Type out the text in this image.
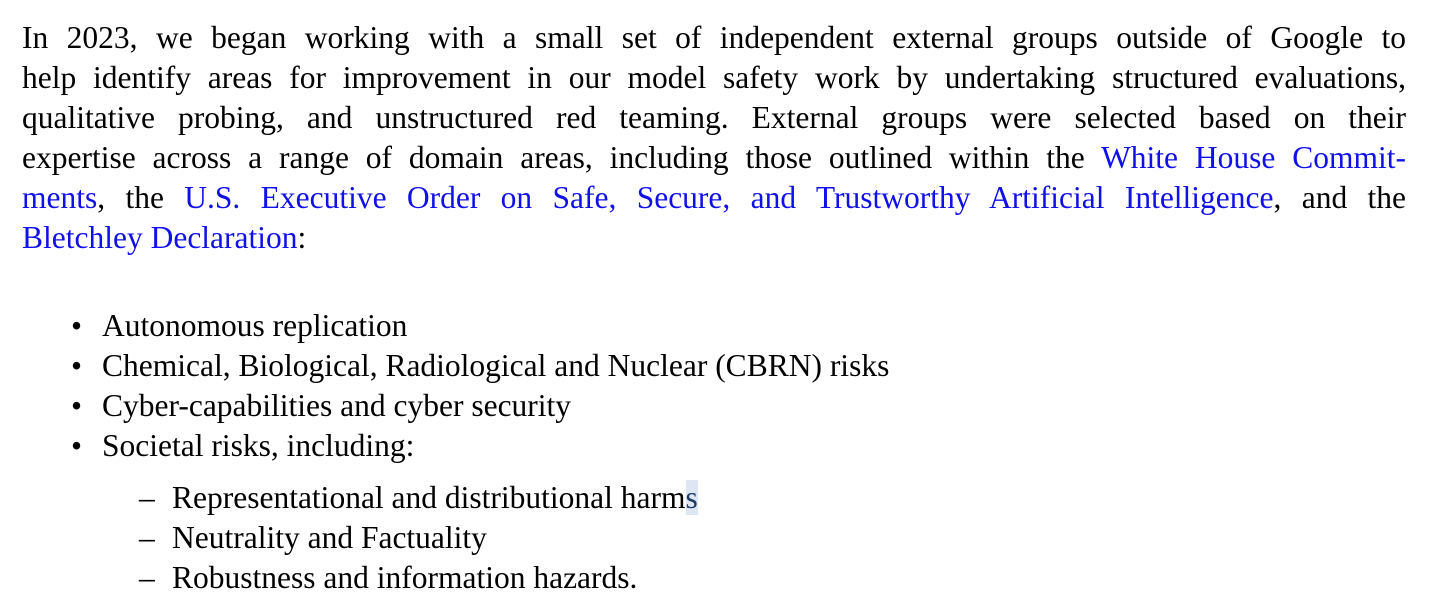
In 2023, we began working with a small set of independent external groups outside of Google to
help identify areas for improvement in our model safety work by undertaking structured evaluations,
qualitative probing, and unstructured red teaming. External groups were selected based on their
expertise across a range of domain areas, including those outlined within the White House Commit-
ments, the U.S. Executive Order on Safe, Secure, and Trustworthy Artificial Intelligence, and the
Bletchley Declaration:

• Autonomous replication
• Chemical, Biological, Radiological and Nuclear (CBRN) risks
• Cyber-capabilities and cyber security
• Societal risks, including:
– Representational and distributional harms
– Neutrality and Factuality
– Robustness and information hazards.
